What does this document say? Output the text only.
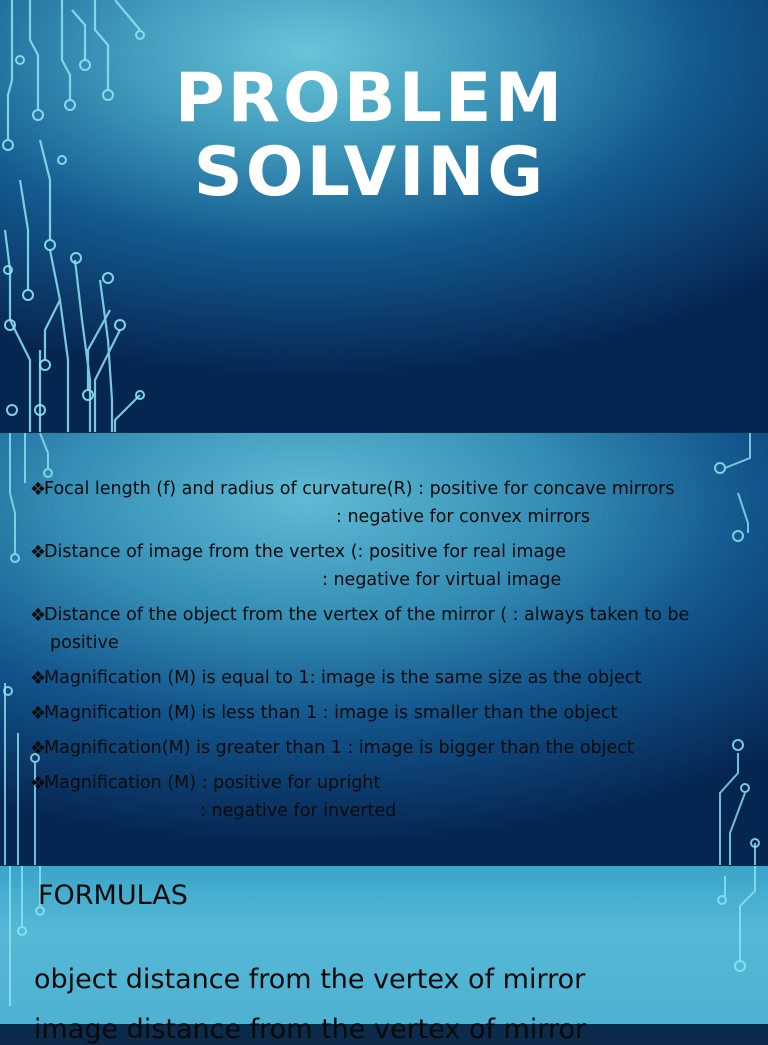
PROBLEM
SOLVING
❖
Focal length (f) and radius of curvature(R) : positive for concave mirrors
: negative for convex mirrors
❖
Distance of image from the vertex (: positive for real image
: negative for virtual image
❖
Distance of the object from the vertex of the mirror ( : always taken to be positive
❖
Magnification (M) is equal to 1: image is the same size as the object
❖
Magnification (M) is less than 1 : image is smaller than the object
❖
Magnification(M) is greater than 1 : image is bigger than the object
❖
Magnification (M) : positive for upright
: negative for inverted
FORMULAS
object distance from the vertex of mirror
image distance from the vertex of mirror
